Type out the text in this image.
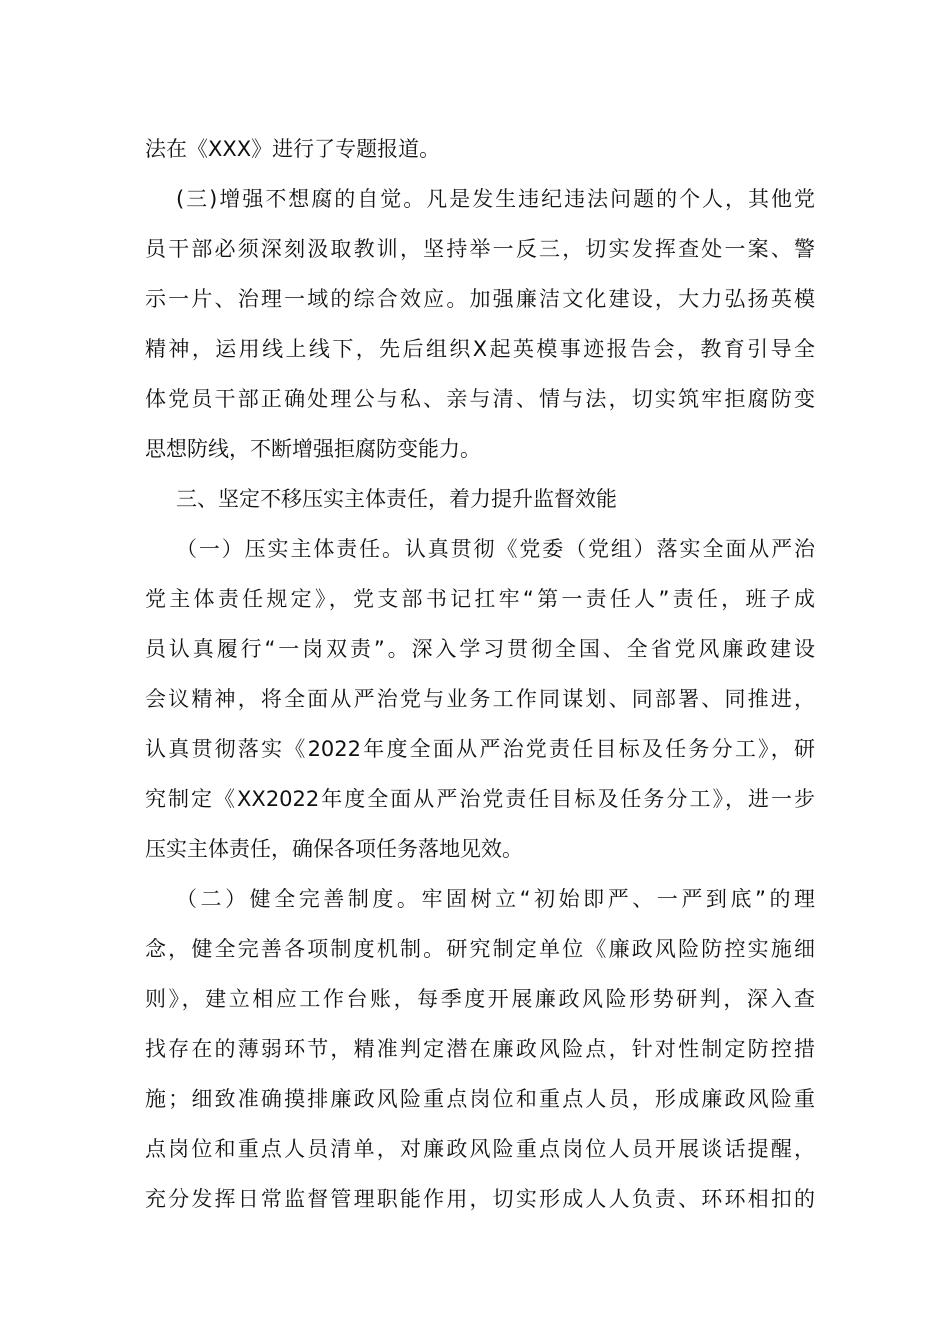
法在《XXX》进行了专题报道。
(三)增强不想腐的自觉。凡是发生违纪违法问题的个人，其他党
员干部必须深刻汲取教训，坚持举一反三，切实发挥查处一案、警
示一片、治理一域的综合效应。加强廉洁文化建设，大力弘扬英模
精神，运用线上线下，先后组织X起英模事迹报告会，教育引导全
体党员干部正确处理公与私、亲与清、情与法，切实筑牢拒腐防变
思想防线，不断增强拒腐防变能力。
三、坚定不移压实主体责任，着力提升监督效能
（一）压实主体责任。认真贯彻《党委（党组）落实全面从严治
党主体责任规定》，党支部书记扛牢“第一责任人”责任，班子成
员认真履行“一岗双责”。深入学习贯彻全国、全省党风廉政建设
会议精神，将全面从严治党与业务工作同谋划、同部署、同推进，
认真贯彻落实《2022年度全面从严治党责任目标及任务分工》，研
究制定《XX2022年度全面从严治党责任目标及任务分工》，进一步
压实主体责任，确保各项任务落地见效。
（二）健全完善制度。牢固树立“初始即严、一严到底”的理
念，健全完善各项制度机制。研究制定单位《廉政风险防控实施细
则》，建立相应工作台账，每季度开展廉政风险形势研判，深入查
找存在的薄弱环节，精准判定潜在廉政风险点，针对性制定防控措
施；细致准确摸排廉政风险重点岗位和重点人员，形成廉政风险重
点岗位和重点人员清单，对廉政风险重点岗位人员开展谈话提醒，
充分发挥日常监督管理职能作用，切实形成人人负责、环环相扣的
